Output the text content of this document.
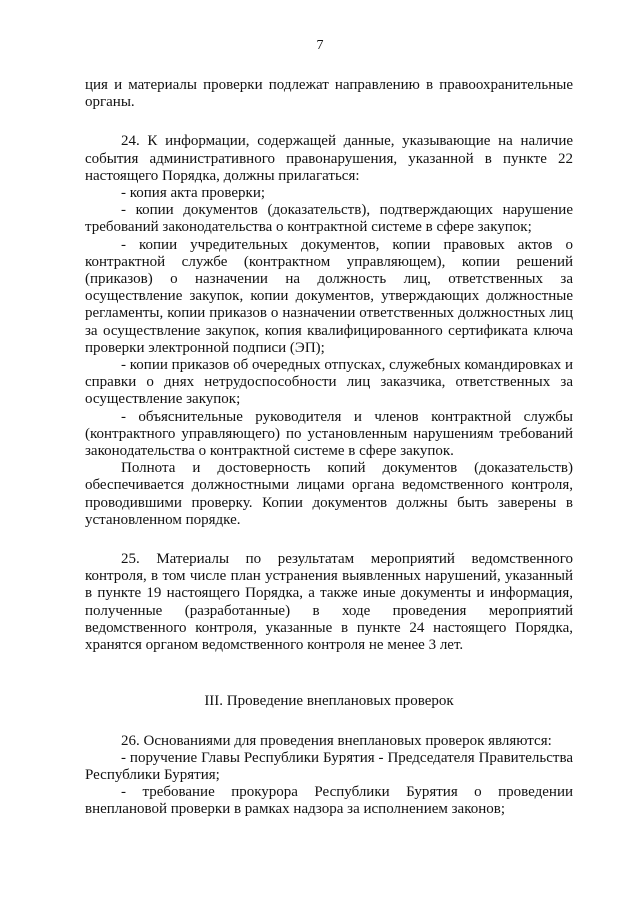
7

ция и материалы проверки подлежат направлению в правоохранительные органы.

24. К информации, содержащей данные, указывающие на наличие события административного правонарушения, указанной в пункте 22 настоящего Порядка, должны прилагаться:

- копия акта проверки;

- копии документов (доказательств), подтверждающих нарушение требований законодательства о контрактной системе в сфере закупок;

- копии учредительных документов, копии правовых актов о контрактной службе (контрактном управляющем), копии решений (приказов) о назначении на должность лиц, ответственных за осуществление закупок, копии документов, утверждающих должностные регламенты, копии приказов о назначении ответственных должностных лиц за осуществление закупок, копия квалифицированного сертификата ключа проверки электронной подписи (ЭП);

- копии приказов об очередных отпусках, служебных командировках и справки о днях нетрудоспособности лиц заказчика, ответственных за осуществление закупок;

- объяснительные руководителя и членов контрактной службы (контрактного управляющего) по установленным нарушениям требований законодательства о контрактной системе в сфере закупок.

Полнота и достоверность копий документов (доказательств) обеспечивается должностными лицами органа ведомственного контроля, проводившими проверку. Копии документов должны быть заверены в установленном порядке.

25. Материалы по результатам мероприятий ведомственного контроля, в том числе план устранения выявленных нарушений, указанный в пункте 19 настоящего Порядка, а также иные документы и информация, полученные (разработанные) в ходе проведения мероприятий ведомственного контроля, указанные в пункте 24 настоящего Порядка, хранятся органом ведомственного контроля не менее 3 лет.

III. Проведение внеплановых проверок

26. Основаниями для проведения внеплановых проверок являются:

- поручение Главы Республики Бурятия - Председателя Правительства Республики Бурятия;

- требование прокурора Республики Бурятия о проведении внеплановой проверки в рамках надзора за исполнением законов;
